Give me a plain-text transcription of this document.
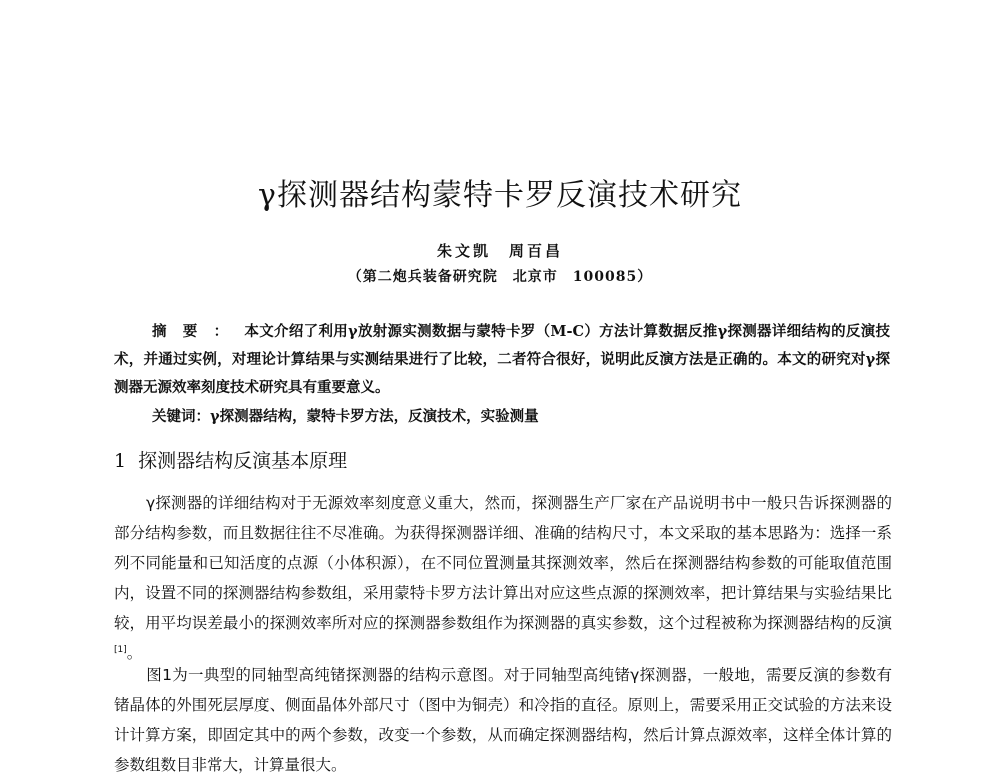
γ探测器结构蒙特卡罗反演技术研究
朱文凯　周百昌
（第二炮兵装备研究院　北京市　100085）
摘要：本文介绍了利用γ放射源实测数据与蒙特卡罗（M-C）方法计算数据反推γ探测器详细结构的反演技术，并通过实例，对理论计算结果与实测结果进行了比较，二者符合很好，说明此反演方法是正确的。本文的研究对γ探测器无源效率刻度技术研究具有重要意义。
关键词：γ探测器结构，蒙特卡罗方法，反演技术，实验测量
1 探测器结构反演基本原理
γ探测器的详细结构对于无源效率刻度意义重大，然而，探测器生产厂家在产品说明书中一般只告诉探测器的部分结构参数，而且数据往往不尽准确。为获得探测器详细、准确的结构尺寸，本文采取的基本思路为：选择一系列不同能量和已知活度的点源（小体积源），在不同位置测量其探测效率，然后在探测器结构参数的可能取值范围内，设置不同的探测器结构参数组，采用蒙特卡罗方法计算出对应这些点源的探测效率，把计算结果与实验结果比较，用平均误差最小的探测效率所对应的探测器参数组作为探测器的真实参数，这个过程被称为探测器结构的反演[1]。
图1为一典型的同轴型高纯锗探测器的结构示意图。对于同轴型高纯锗γ探测器，一般地，需要反演的参数有锗晶体的外围死层厚度、侧面晶体外部尺寸（图中为铜壳）和冷指的直径。原则上，需要采用正交试验的方法来设计计算方案，即固定其中的两个参数，改变一个参数，从而确定探测器结构，然后计算点源效率，这样全体计算的参数组数目非常大，计算量很大。
